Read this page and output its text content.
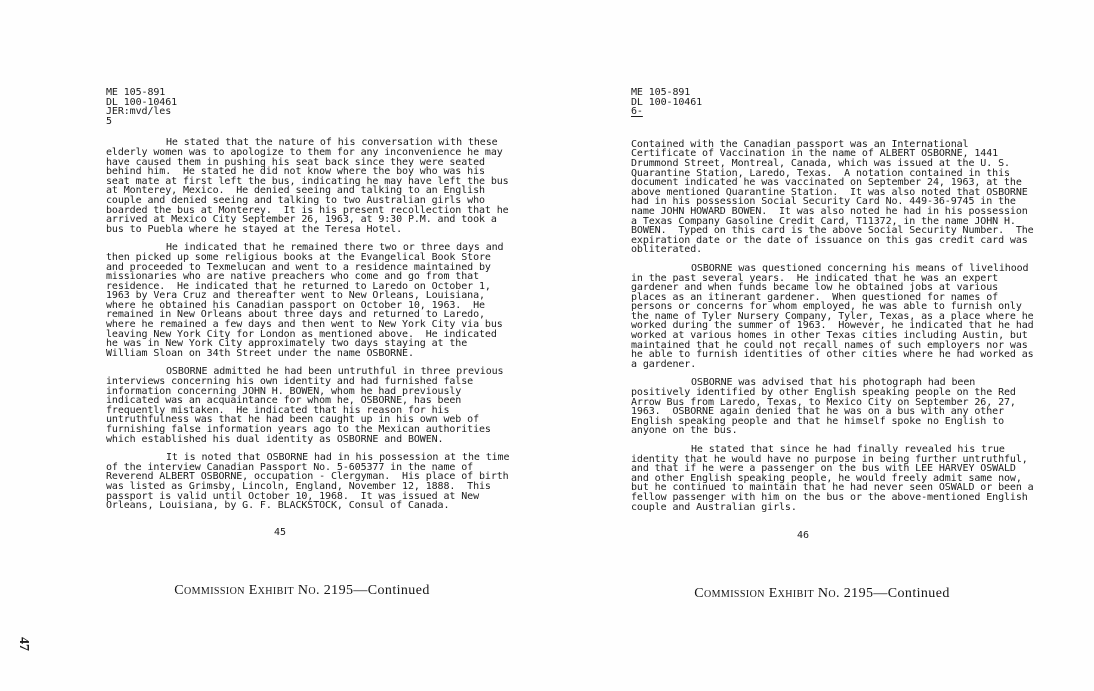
ME 105-891
DL 100-10461
JER:mvd/les
5

He stated that the nature of his conversation with these elderly women was to apologize to them for any inconvenience he may have caused them in pushing his seat back since they were seated behind him.  He stated he did not know where the boy who was his seat mate at first left the bus, indicating he may have left the bus at Monterey, Mexico.  He denied seeing and talking to an English couple and denied seeing and talking to two Australian girls who boarded the bus at Monterey.  It is his present recollection that he arrived at Mexico City September 26, 1963, at 9:30 P.M. and took a bus to Puebla where he stayed at the Teresa Hotel.

He indicated that he remained there two or three days and then picked up some religious books at the Evangelical Book Store and proceeded to Texmelucan and went to a residence maintained by missionaries who are native preachers who come and go from that residence.  He indicated that he returned to Laredo on October 1, 1963 by Vera Cruz and thereafter went to New Orleans, Louisiana, where he obtained his Canadian passport on October 10, 1963.  He remained in New Orleans about three days and returned to Laredo, where he remained a few days and then went to New York City via bus leaving New York City for London as mentioned above.  He indicated he was in New York City approximately two days staying at the William Sloan on 34th Street under the name OSBORNE.

OSBORNE admitted he had been untruthful in three previous interviews concerning his own identity and had furnished false information concerning JOHN H. BOWEN, whom he had previously indicated was an acquaintance for whom he, OSBORNE, has been frequently mistaken.  He indicated that his reason for his untruthfulness was that he had been caught up in his own web of furnishing false information years ago to the Mexican authorities which established his dual identity as OSBORNE and BOWEN.

It is noted that OSBORNE had in his possession at the time of the interview Canadian Passport No. 5-605377 in the name of Reverend ALBERT OSBORNE, occupation - Clergyman.  His place of birth was listed as Grimsby, Lincoln, England, November 12, 1888.  This passport is valid until October 10, 1968.  It was issued at New Orleans, Louisiana, by G. F. BLACKSTOCK, Consul of Canada.

ME 105-891
DL 100-10461
6-

Contained with the Canadian passport was an International Certificate of Vaccination in the name of ALBERT OSBORNE, 1441 Drummond Street, Montreal, Canada, which was issued at the U. S. Quarantine Station, Laredo, Texas.  A notation contained in this document indicated he was vaccinated on September 24, 1963, at the above mentioned Quarantine Station.  It was also noted that OSBORNE had in his possession Social Security Card No. 449-36-9745 in the name JOHN HOWARD BOWEN.  It was also noted he had in his possession a Texas Company Gasoline Credit Card, T11372, in the name JOHN H. BOWEN.  Typed on this card is the above Social Security Number.  The expiration date or the date of issuance on this gas credit card was obliterated.

OSBORNE was questioned concerning his means of livelihood in the past several years.  He indicated that he was an expert gardener and when funds became low he obtained jobs at various places as an itinerant gardener.  When questioned for names of persons or concerns for whom employed, he was able to furnish only the name of Tyler Nursery Company, Tyler, Texas, as a place where he worked during the summer of 1963.  However, he indicated that he had worked at various homes in other Texas cities including Austin, but maintained that he could not recall names of such employers nor was he able to furnish identities of other cities where he had worked as a gardener.

OSBORNE was advised that his photograph had been positively identified by other English speaking people on the Red Arrow Bus from Laredo, Texas, to Mexico City on September 26, 27, 1963.  OSBORNE again denied that he was on a bus with any other English speaking people and that he himself spoke no English to anyone on the bus.

He stated that since he had finally revealed his true identity that he would have no purpose in being further untruthful, and that if he were a passenger on the bus with LEE HARVEY OSWALD and other English speaking people, he would freely admit same now, but he continued to maintain that he had never seen OSWALD or been a fellow passenger with him on the bus or the above-mentioned English couple and Australian girls.

45	46
Commission Exhibit No. 2195—Continued	Commission Exhibit No. 2195—Continued
47
